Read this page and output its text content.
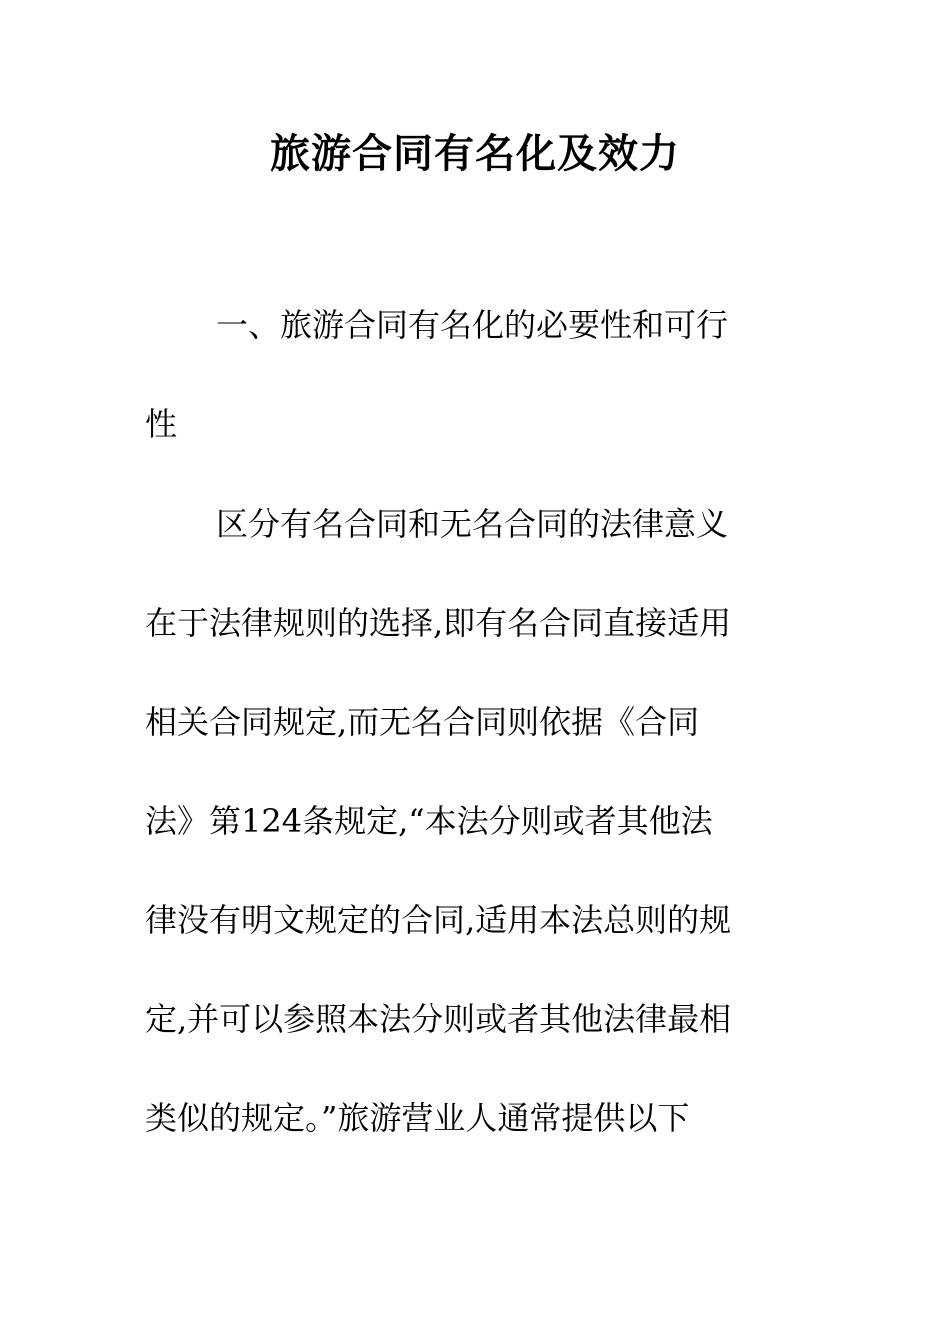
旅游合同有名化及效力
一、旅游合同有名化的必要性和可行
性
区分有名合同和无名合同的法律意义
在于法律规则的选择,即有名合同直接适用
相关合同规定,而无名合同则依据《合同
法》第124条规定,“本法分则或者其他法
律没有明文规定的合同,适用本法总则的规
定,并可以参照本法分则或者其他法律最相
类似的规定。”旅游营业人通常提供以下
